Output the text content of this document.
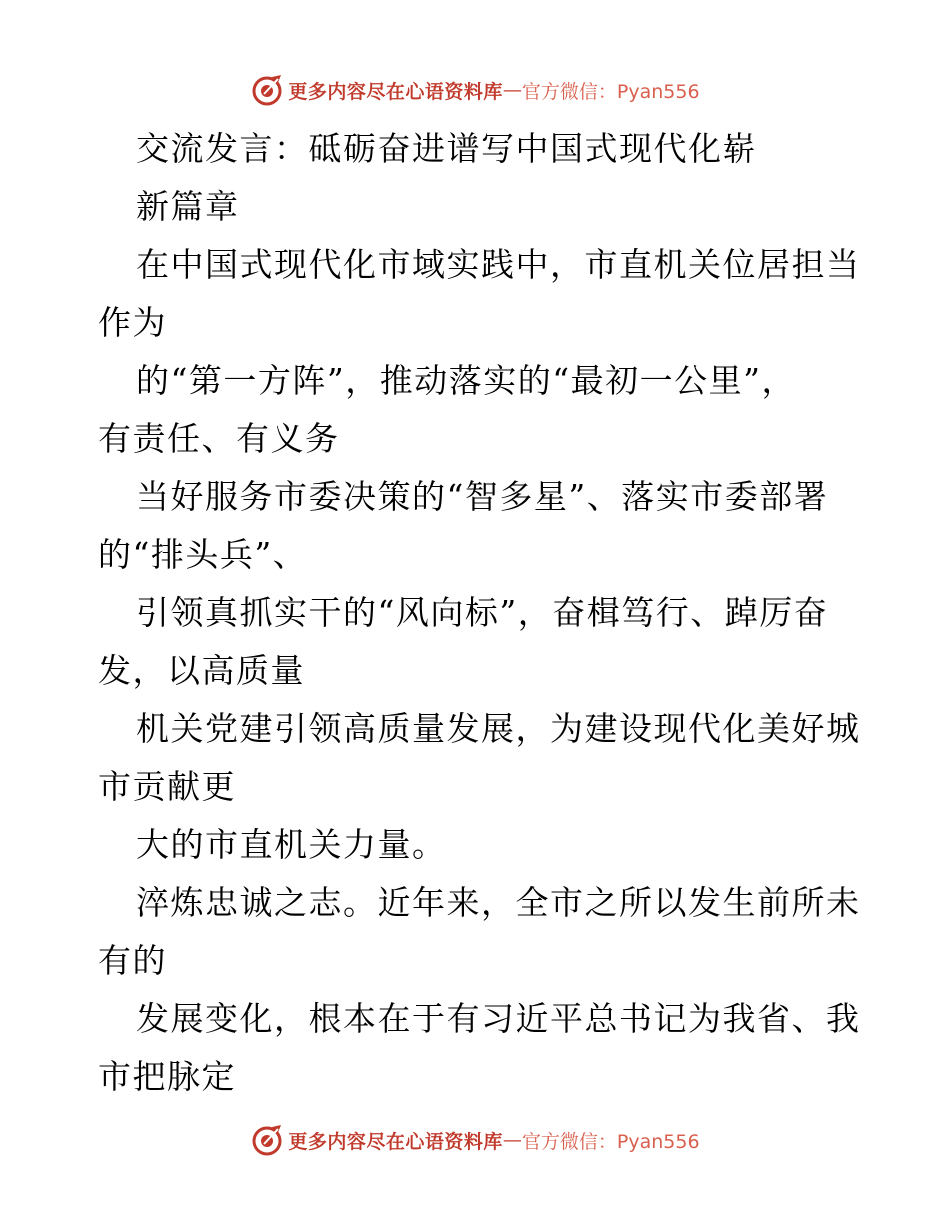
更多内容尽在心语资料库 — 官方微信：Pyan556
交流发言：砥砺奋进谱写中国式现代化崭
新篇章
在中国式现代化市域实践中，市直机关位居担当
作为
的“第一方阵”，推动落实的“最初一公里”，
有责任、有义务
当好服务市委决策的“智多星”、落实市委部署
的“排头兵”、
引领真抓实干的“风向标”，奋楫笃行、踔厉奋
发，以高质量
机关党建引领高质量发展，为建设现代化美好城
市贡献更
大的市直机关力量。
淬炼忠诚之志。近年来，全市之所以发生前所未
有的
发展变化，根本在于有习近平总书记为我省、我
市把脉定
更多内容尽在心语资料库 — 官方微信：Pyan556
